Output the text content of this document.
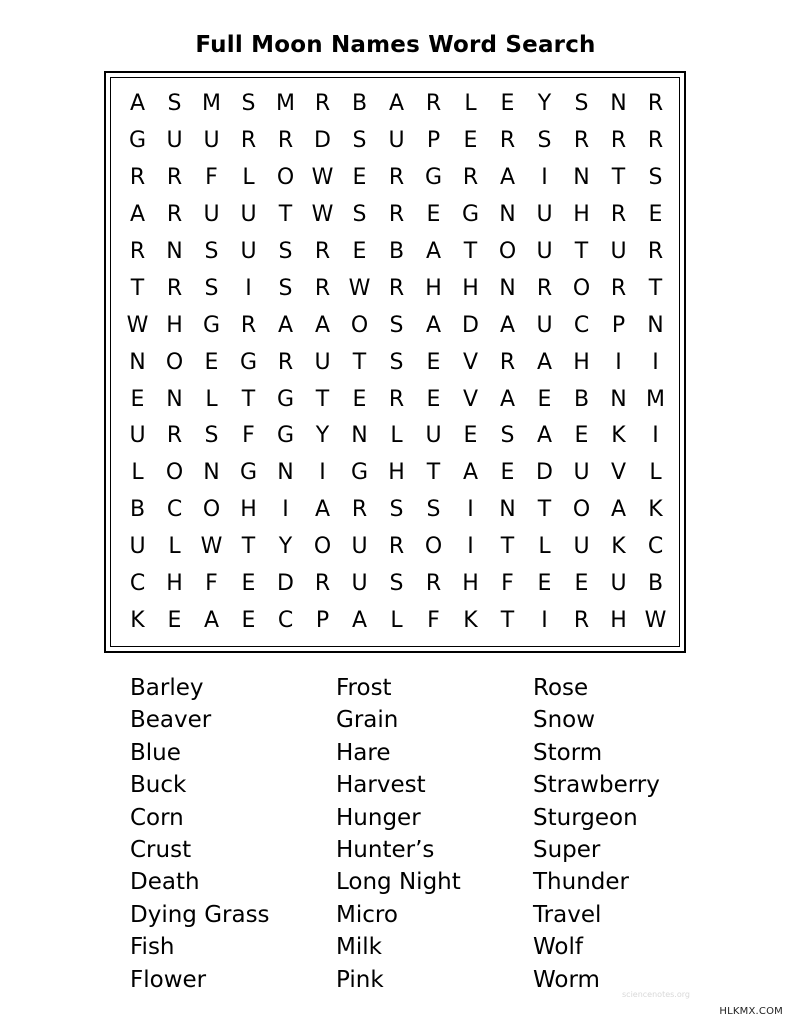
Full Moon Names Word Search
A	S M S M R B A R	L	E	Y	S N R
G U U R R D S U	P	E	R	S	R R R
R R	F	L	O W E	R G R A	I	N	T	S
A R U U	T W S	R	E G N U H R	E
R N S U S	R	E	B A	T O U	T	U R
T	R	S	I	S	R W R H H N R O R	T
W H G R A A O S	A D A U C	P	N
N O E G R U	T	S	E	V R A H	I	I
E N	L	T G T	E	R	E	V A	E	B N M
U R	S	F	G Y	N	L	U	E	S	A	E	K	I
L	O N G N	I	G H	T	A	E D U V	L
B C O H	I	A R	S	S	I	N	T O A	K
U	L W T	Y O U R O	I	T	L	U K	C
C H	F	E D R U S	R H	F	E	E U B
K	E	A	E	C	P	A	L	F	K	T	I	R H W
Barley
Beaver
Blue
Buck
Corn
Crust
Death
Dying Grass
Fish
Flower
Frost
Grain
Hare
Harvest
Hunger
Hunter’s
Long Night
Micro
Milk
Pink
Rose
Snow
Storm
Strawberry
Sturgeon
Super
Thunder
Travel
Wolf
Worm
sciencenotes.org
HLKMX.COM
